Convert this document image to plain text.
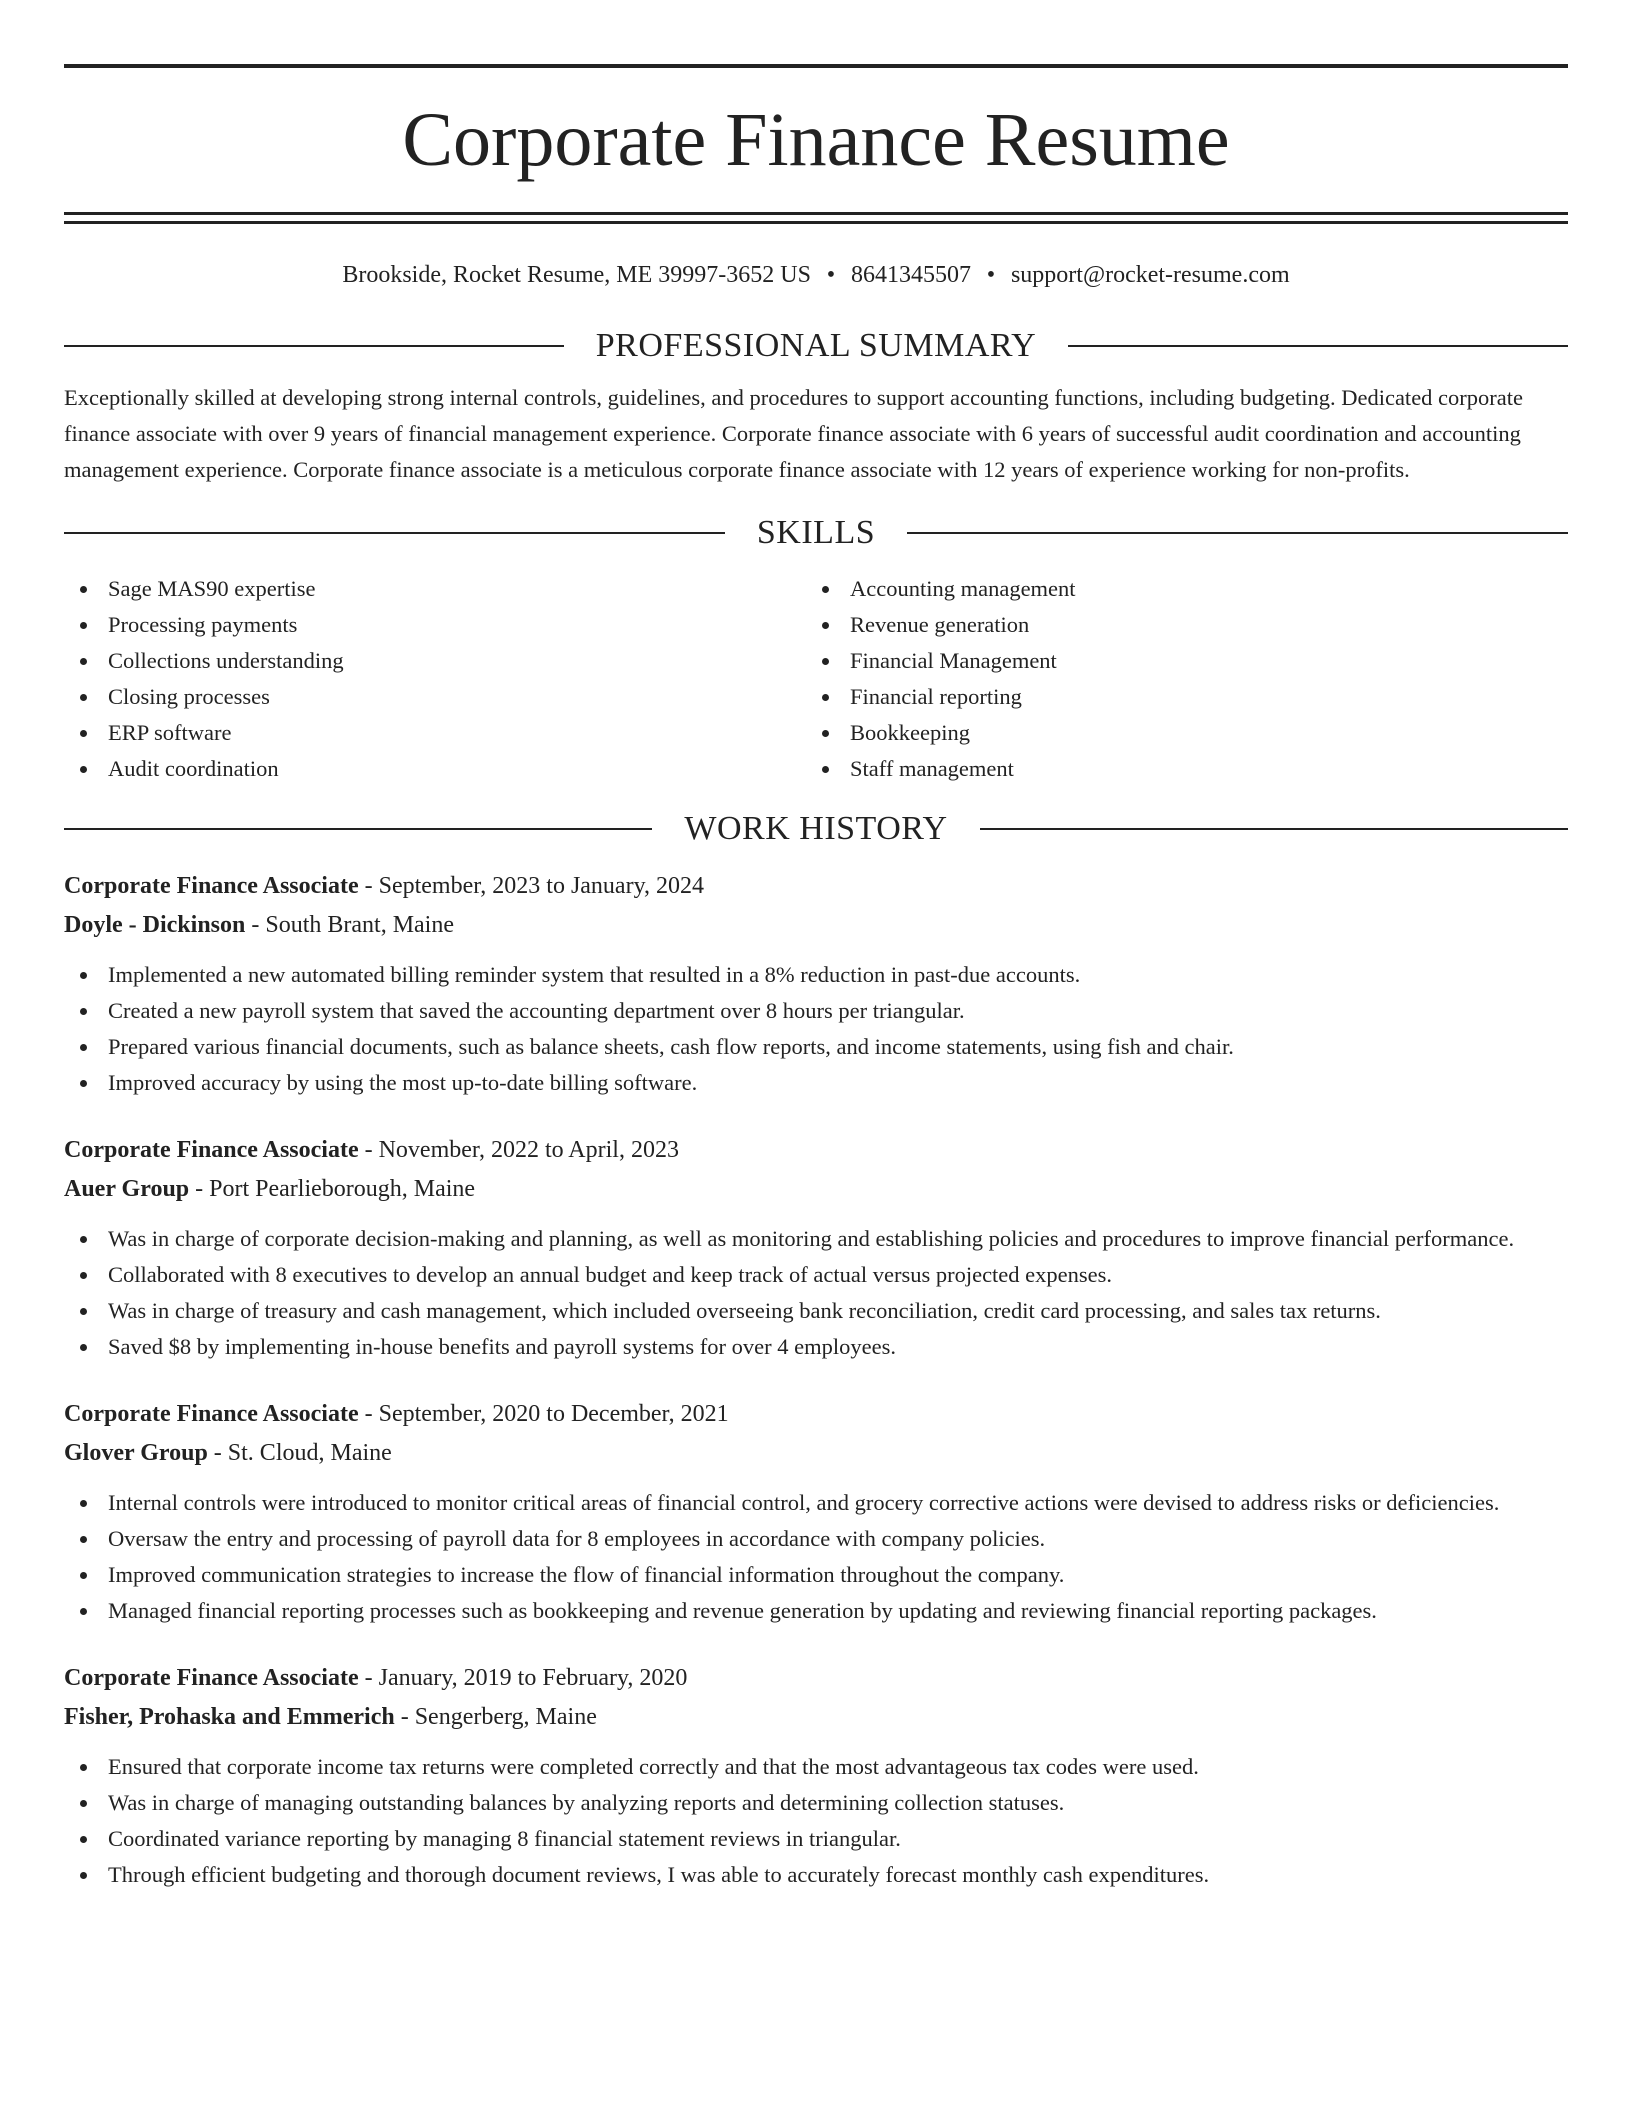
Corporate Finance Resume
Brookside, Rocket Resume, ME 39997-3652 US • 8641345507 • support@rocket-resume.com
PROFESSIONAL SUMMARY

Exceptionally skilled at developing strong internal controls, guidelines, and procedures to support accounting functions, including budgeting. Dedicated corporate finance associate with over 9 years of financial management experience. Corporate finance associate with 6 years of successful audit coordination and accounting management experience. Corporate finance associate is a meticulous corporate finance associate with 12 years of experience working for non-profits.

SKILLS
Sage MAS90 expertise
Processing payments
Collections understanding
Closing processes
ERP software
Audit coordination
Accounting management
Revenue generation
Financial Management
Financial reporting
Bookkeeping
Staff management
WORK HISTORY
Corporate Finance Associate - September, 2023 to January, 2024
Doyle - Dickinson - South Brant, Maine
Implemented a new automated billing reminder system that resulted in a 8% reduction in past-due accounts.
Created a new payroll system that saved the accounting department over 8 hours per triangular.
Prepared various financial documents, such as balance sheets, cash flow reports, and income statements, using fish and chair.
Improved accuracy by using the most up-to-date billing software.
Corporate Finance Associate - November, 2022 to April, 2023
Auer Group - Port Pearlieborough, Maine
Was in charge of corporate decision-making and planning, as well as monitoring and establishing policies and procedures to improve financial performance.
Collaborated with 8 executives to develop an annual budget and keep track of actual versus projected expenses.
Was in charge of treasury and cash management, which included overseeing bank reconciliation, credit card processing, and sales tax returns.
Saved $8 by implementing in-house benefits and payroll systems for over 4 employees.
Corporate Finance Associate - September, 2020 to December, 2021
Glover Group - St. Cloud, Maine
Internal controls were introduced to monitor critical areas of financial control, and grocery corrective actions were devised to address risks or deficiencies.
Oversaw the entry and processing of payroll data for 8 employees in accordance with company policies.
Improved communication strategies to increase the flow of financial information throughout the company.
Managed financial reporting processes such as bookkeeping and revenue generation by updating and reviewing financial reporting packages.
Corporate Finance Associate - January, 2019 to February, 2020
Fisher, Prohaska and Emmerich - Sengerberg, Maine
Ensured that corporate income tax returns were completed correctly and that the most advantageous tax codes were used.
Was in charge of managing outstanding balances by analyzing reports and determining collection statuses.
Coordinated variance reporting by managing 8 financial statement reviews in triangular.
Through efficient budgeting and thorough document reviews, I was able to accurately forecast monthly cash expenditures.
